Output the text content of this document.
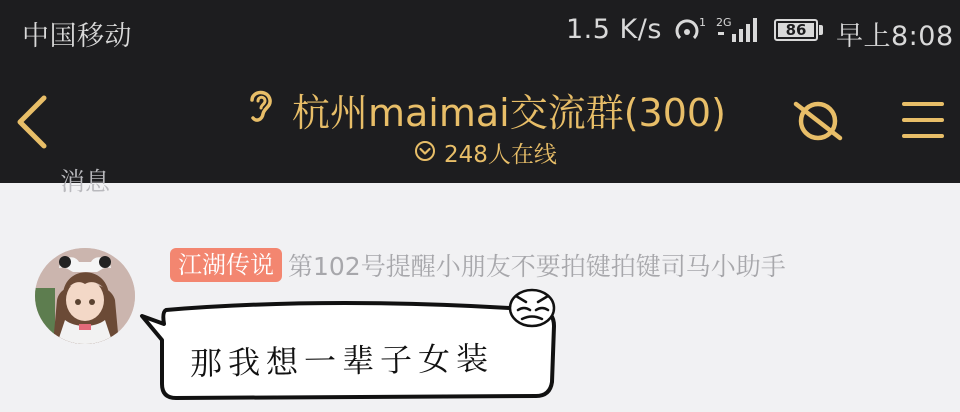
中国移动	1.5 K/s	1 2G	86	早上8:08
杭州maimai交流群(300)
248人在线
消息
江湖传说 第102号提醒小朋友不要拍键拍键司马小助手
那我想一辈子女装
